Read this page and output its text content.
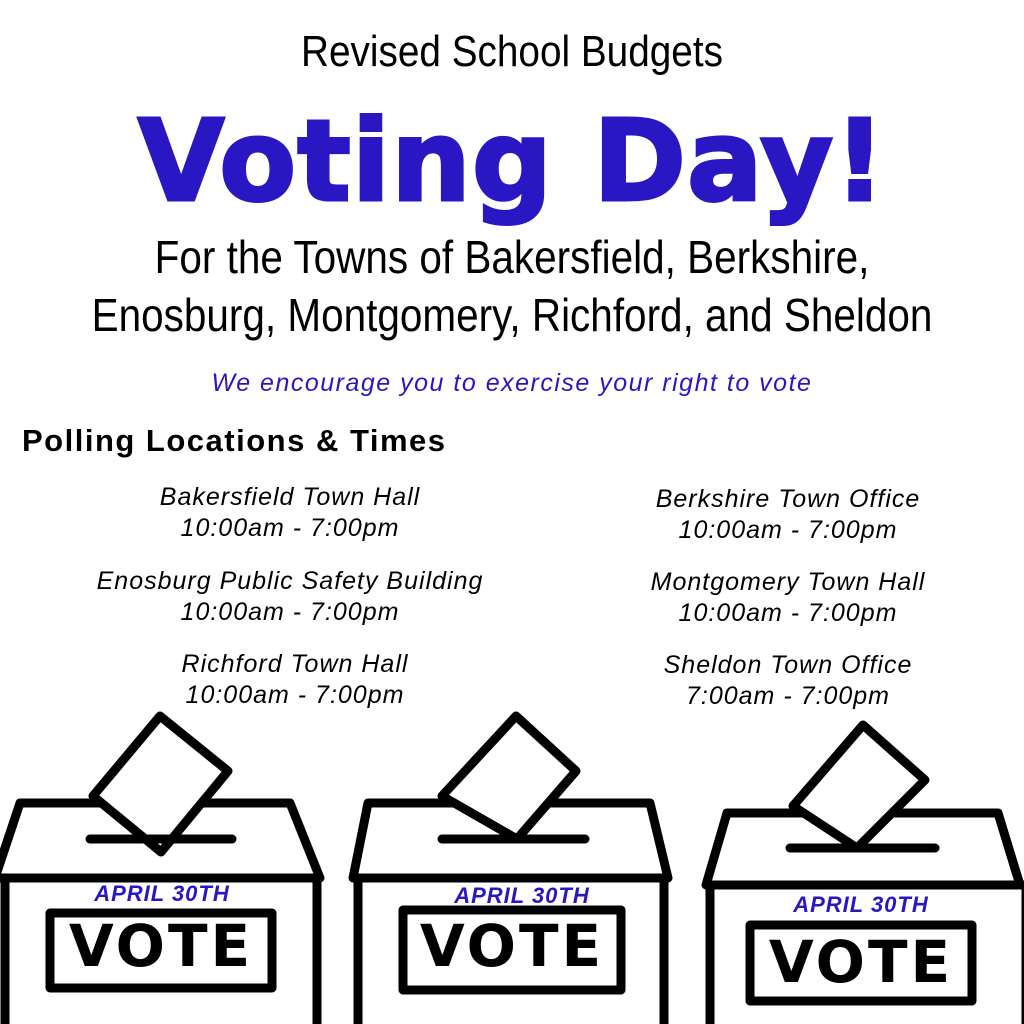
Revised School Budgets
Voting Day!
For the Towns of Bakersfield, Berkshire,
Enosburg, Montgomery, Richford, and Sheldon
We encourage you to exercise your right to vote
Polling Locations & Times
Bakersfield Town Hall
10:00am - 7:00pm
Berkshire Town Office
10:00am - 7:00pm
Enosburg Public Safety Building
10:00am - 7:00pm
Montgomery Town Hall
10:00am - 7:00pm
Richford Town Hall
10:00am - 7:00pm
Sheldon Town Office
7:00am - 7:00pm
APRIL 30TH
VOTE
APRIL 30TH
VOTE
APRIL 30TH
VOTE
